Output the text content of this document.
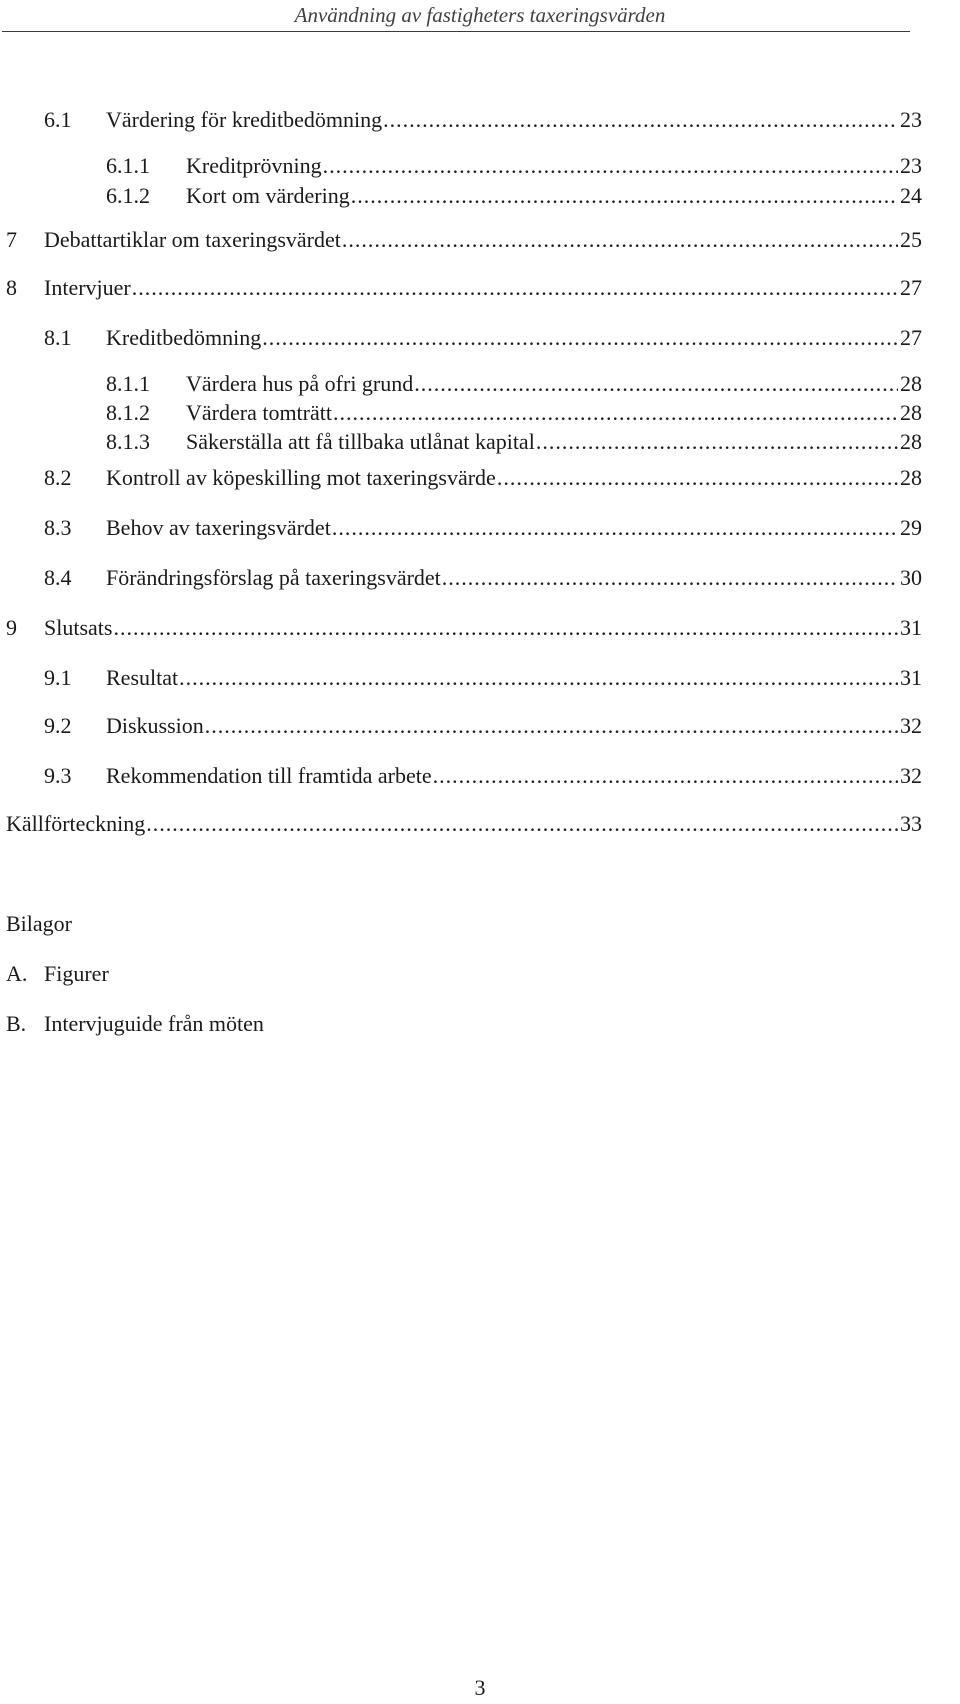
Användning av fastigheters taxeringsvärden
6.1	Värdering för kreditbedömning .....	23
6.1.1	Kreditprövning .....	23
6.1.2	Kort om värdering .....	24
7	Debattartiklar om taxeringsvärdet .....	25
8	Intervjuer .....	27
8.1	Kreditbedömning .....	27
8.1.1	Värdera hus på ofri grund .....	28
8.1.2	Värdera tomträtt .....	28
8.1.3	Säkerställa att få tillbaka utlånat kapital .....	28
8.2	Kontroll av köpeskilling mot taxeringsvärde .....	28
8.3	Behov av taxeringsvärdet .....	29
8.4	Förändringsförslag på taxeringsvärdet .....	30
9	Slutsats .....	31
9.1	Resultat .....	31
9.2	Diskussion .....	32
9.3	Rekommendation till framtida arbete .....	32
Källförteckning .....	33
Bilagor
A. Figurer
B. Intervjuguide från möten
3
